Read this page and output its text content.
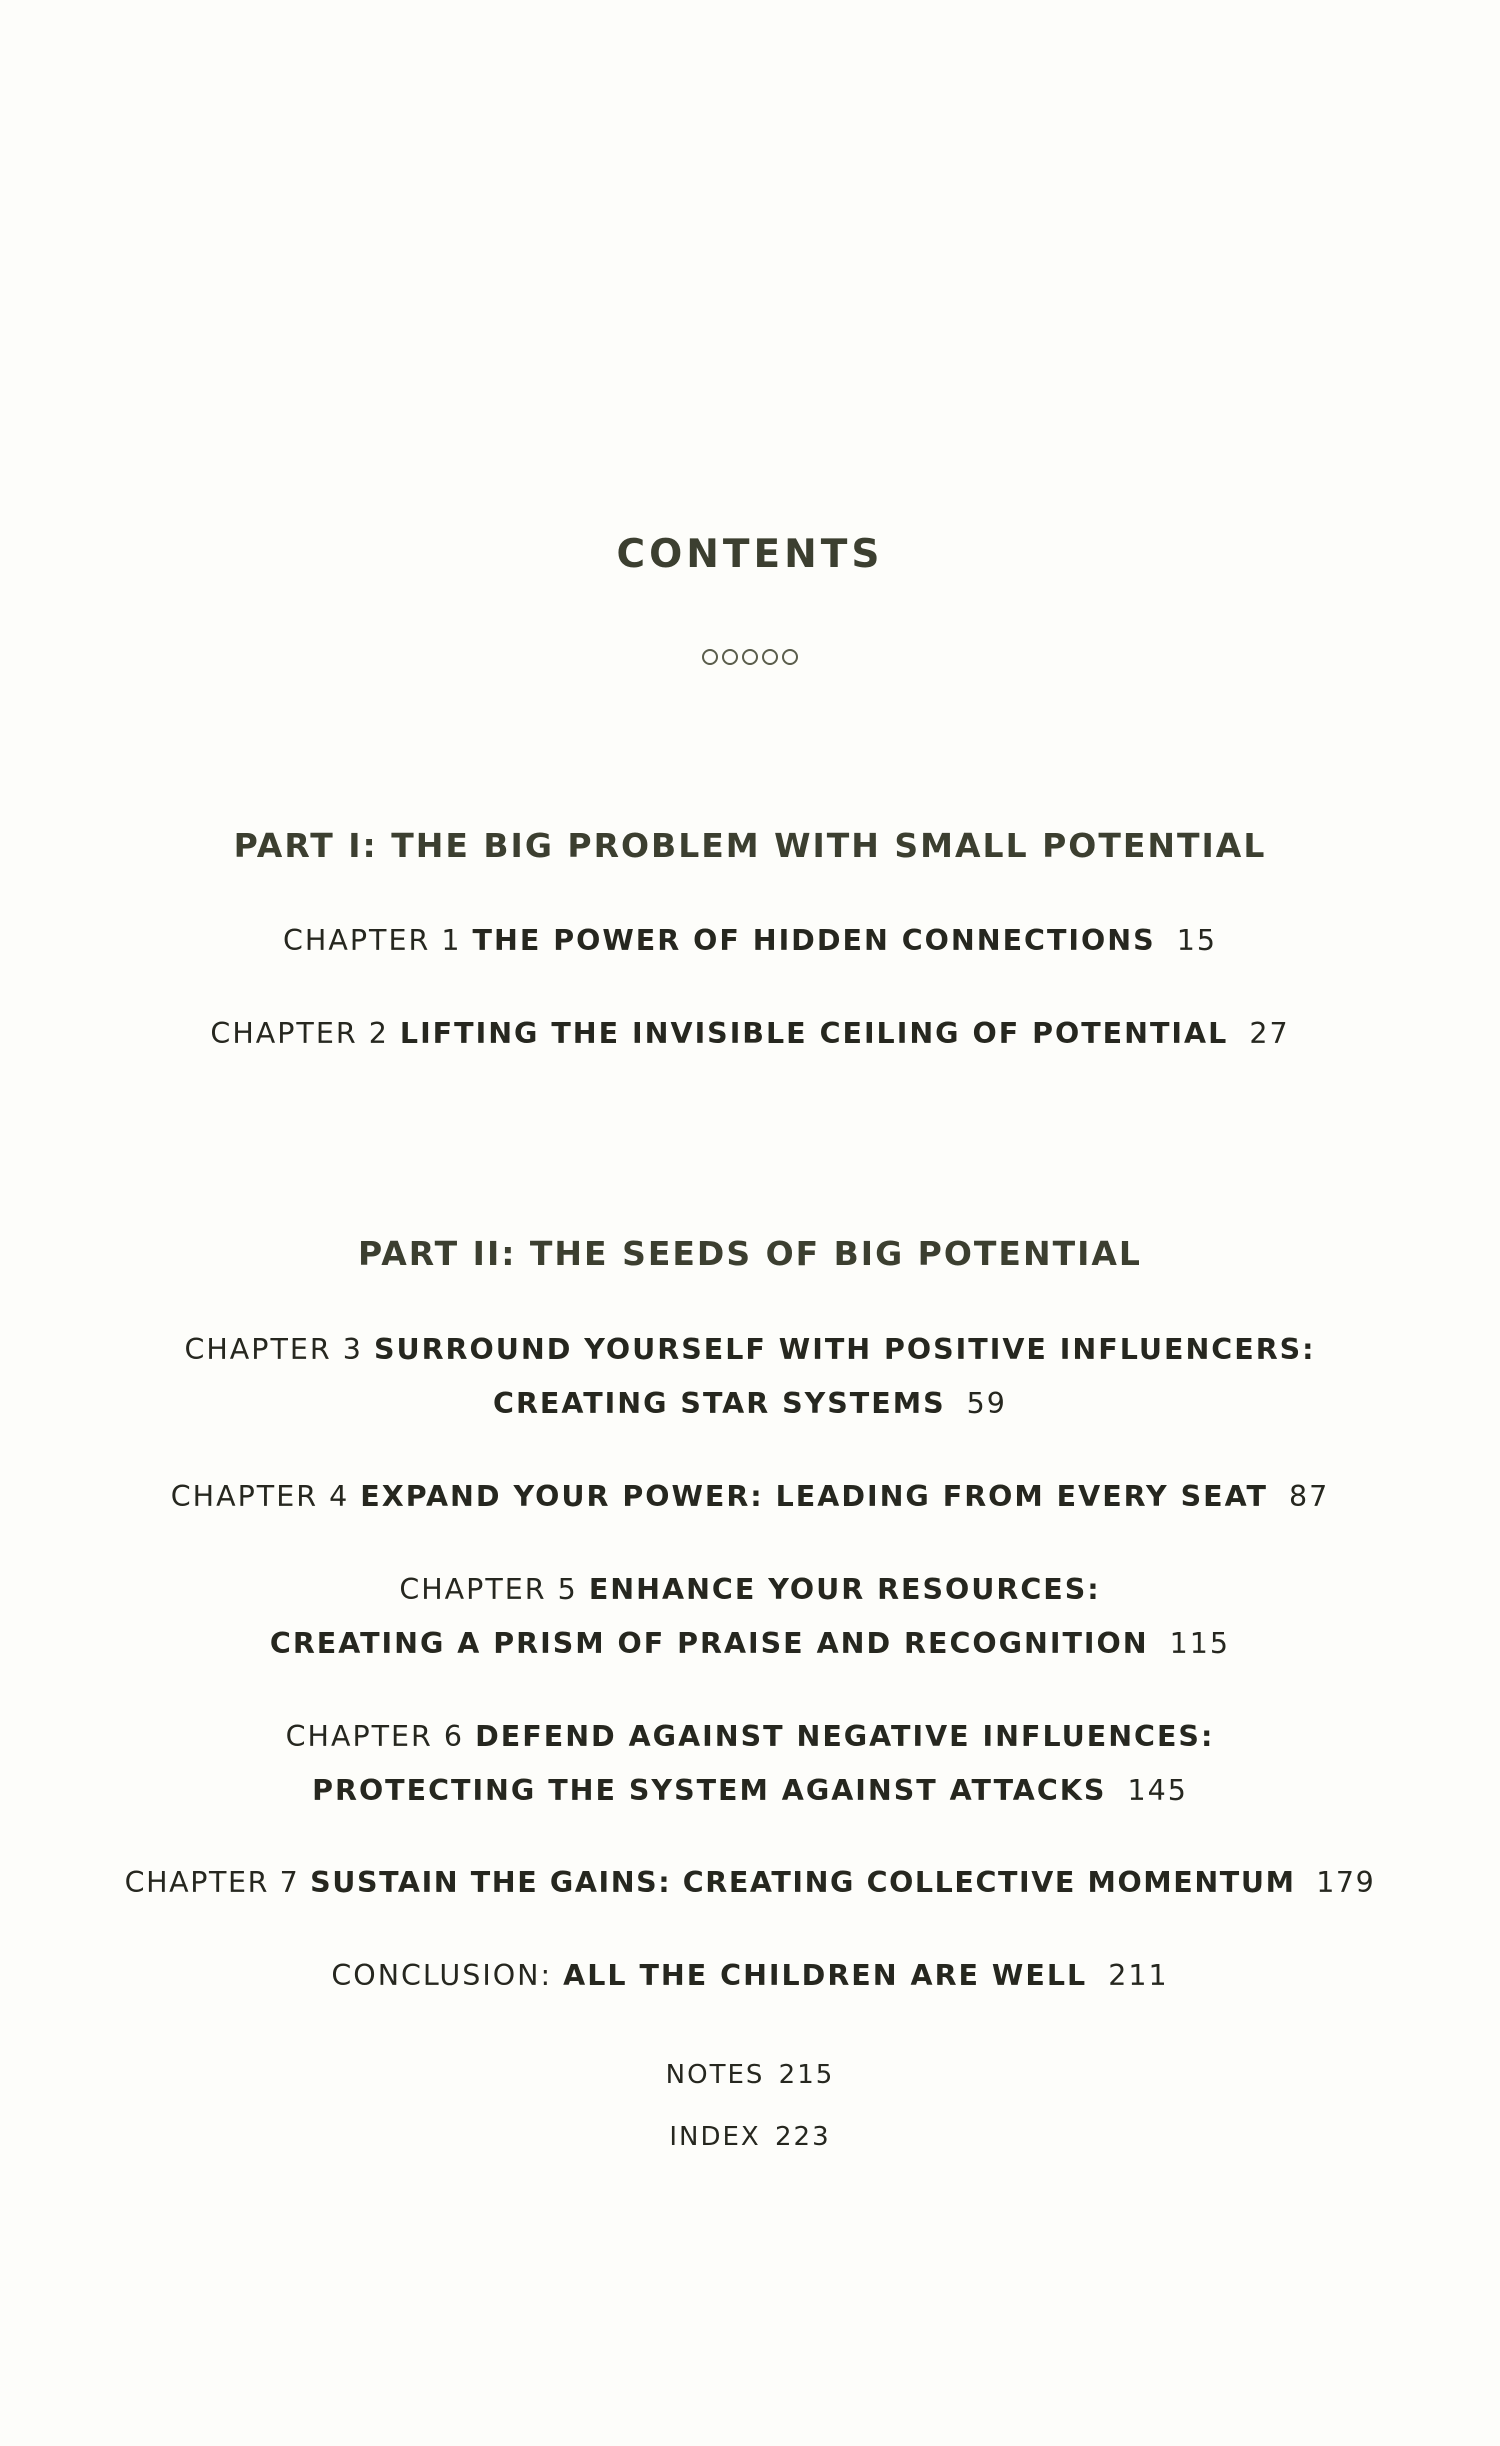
CONTENTS
PART I: THE BIG PROBLEM WITH SMALL POTENTIAL
CHAPTER 1 THE POWER OF HIDDEN CONNECTIONS 15
CHAPTER 2 LIFTING THE INVISIBLE CEILING OF POTENTIAL 27
PART II: THE SEEDS OF BIG POTENTIAL
CHAPTER 3 SURROUND YOURSELF WITH POSITIVE INFLUENCERS:
CREATING STAR SYSTEMS 59
CHAPTER 4 EXPAND YOUR POWER: LEADING FROM EVERY SEAT 87
CHAPTER 5 ENHANCE YOUR RESOURCES:
CREATING A PRISM OF PRAISE AND RECOGNITION 115
CHAPTER 6 DEFEND AGAINST NEGATIVE INFLUENCES:
PROTECTING THE SYSTEM AGAINST ATTACKS 145
CHAPTER 7 SUSTAIN THE GAINS: CREATING COLLECTIVE MOMENTUM 179
CONCLUSION: ALL THE CHILDREN ARE WELL 211
NOTES 215
INDEX 223
